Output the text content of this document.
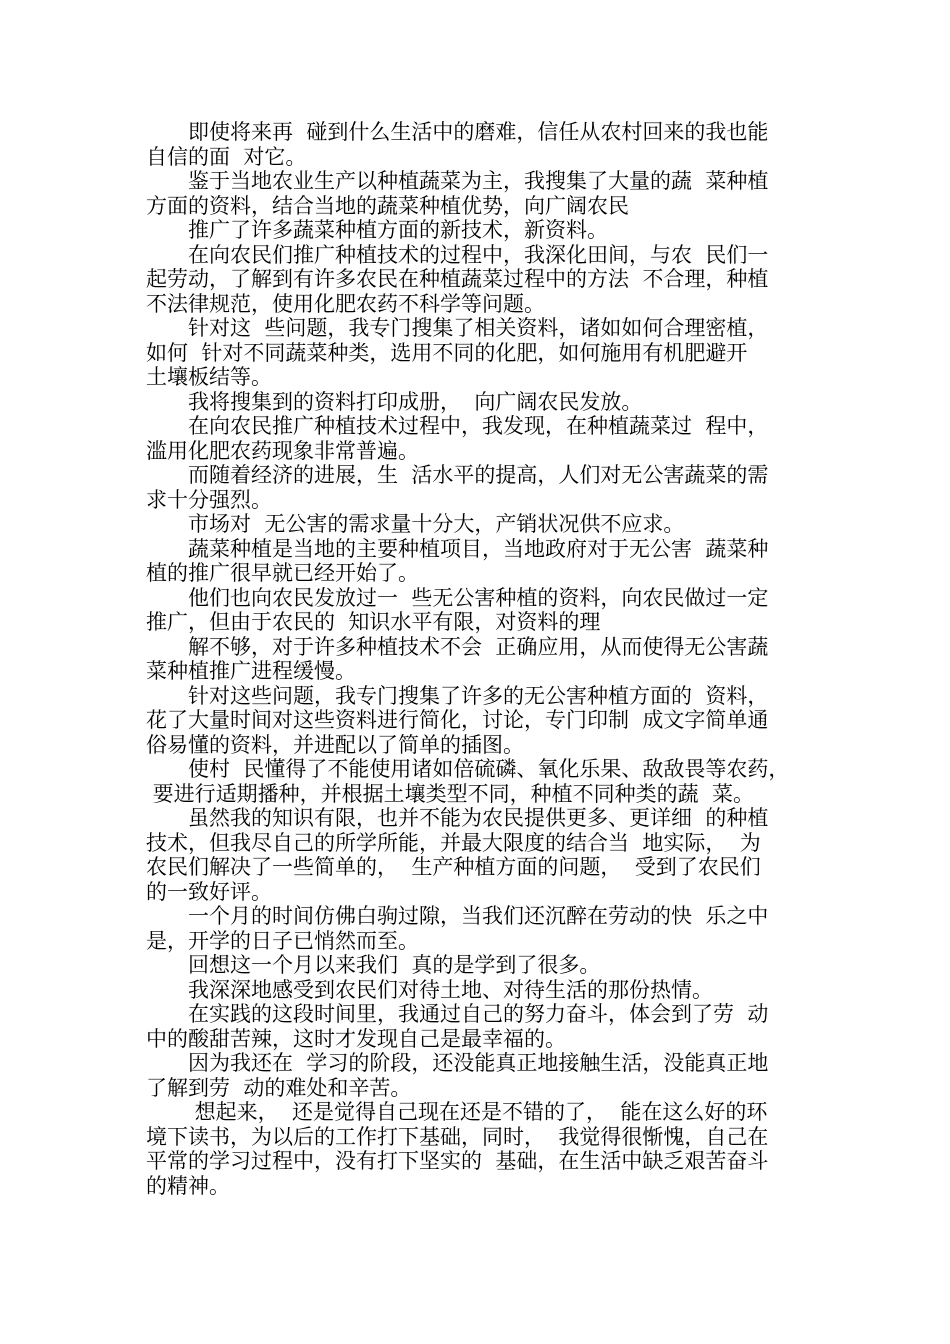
即使将来再  碰到什么生活中的磨难，信任从农村回来的我也能
自信的面  对它。
鉴于当地农业生产以种植蔬菜为主，我搜集了大量的蔬  菜种植
方面的资料，结合当地的蔬菜种植优势，向广阔农民
推广了许多蔬菜种植方面的新技术，新资料。
在向农民们推广种植技术的过程中，我深化田间，与农  民们一
起劳动，了解到有许多农民在种植蔬菜过程中的方法  不合理，种植
不法律规范，使用化肥农药不科学等问题。
针对这  些问题，我专门搜集了相关资料，诸如如何合理密植，
如何  针对不同蔬菜种类，选用不同的化肥，如何施用有机肥避开
土壤板结等。
我将搜集到的资料打印成册，  向广阔农民发放。
在向农民推广种植技术过程中，我发现，在种植蔬菜过  程中，
滥用化肥农药现象非常普遍。
而随着经济的进展，生  活水平的提高，人们对无公害蔬菜的需
求十分强烈。
市场对  无公害的需求量十分大，产销状况供不应求。
蔬菜种植是当地的主要种植项目，当地政府对于无公害  蔬菜种
植的推广很早就已经开始了。
他们也向农民发放过一  些无公害种植的资料，向农民做过一定
推广，但由于农民的  知识水平有限，对资料的理
解不够，对于许多种植技术不会  正确应用，从而使得无公害蔬
菜种植推广进程缓慢。
针对这些问题，我专门搜集了许多的无公害种植方面的  资料，
花了大量时间对这些资料进行简化，讨论，专门印制  成文字简单通
俗易懂的资料，并进配以了简单的插图。
使村  民懂得了不能使用诸如倍硫磷、氧化乐果、敌敌畏等农药，
要进行适期播种，并根据土壤类型不同，种植不同种类的蔬  菜。
虽然我的知识有限，也并不能为农民提供更多、更详细  的种植
技术，但我尽自己的所学所能，并最大限度的结合当  地实际，  为
农民们解决了一些简单的，  生产种植方面的问题，  受到了农民们
的一致好评。
一个月的时间仿佛白驹过隙，当我们还沉醉在劳动的快  乐之中
是，开学的日子已悄然而至。
回想这一个月以来我们  真的是学到了很多。
我深深地感受到农民们对待土地、对待生活的那份热情。
在实践的这段时间里，我通过自己的努力奋斗，体会到了劳  动
中的酸甜苦辣，这时才发现自己是最幸福的。
因为我还在  学习的阶段，还没能真正地接触生活，没能真正地
了解到劳  动的难处和辛苦。
想起来，  还是觉得自己现在还是不错的了，  能在这么好的环
境下读书，为以后的工作打下基础，同时，  我觉得很惭愧，自己在
平常的学习过程中，没有打下坚实的  基础，在生活中缺乏艰苦奋斗
的精神。
